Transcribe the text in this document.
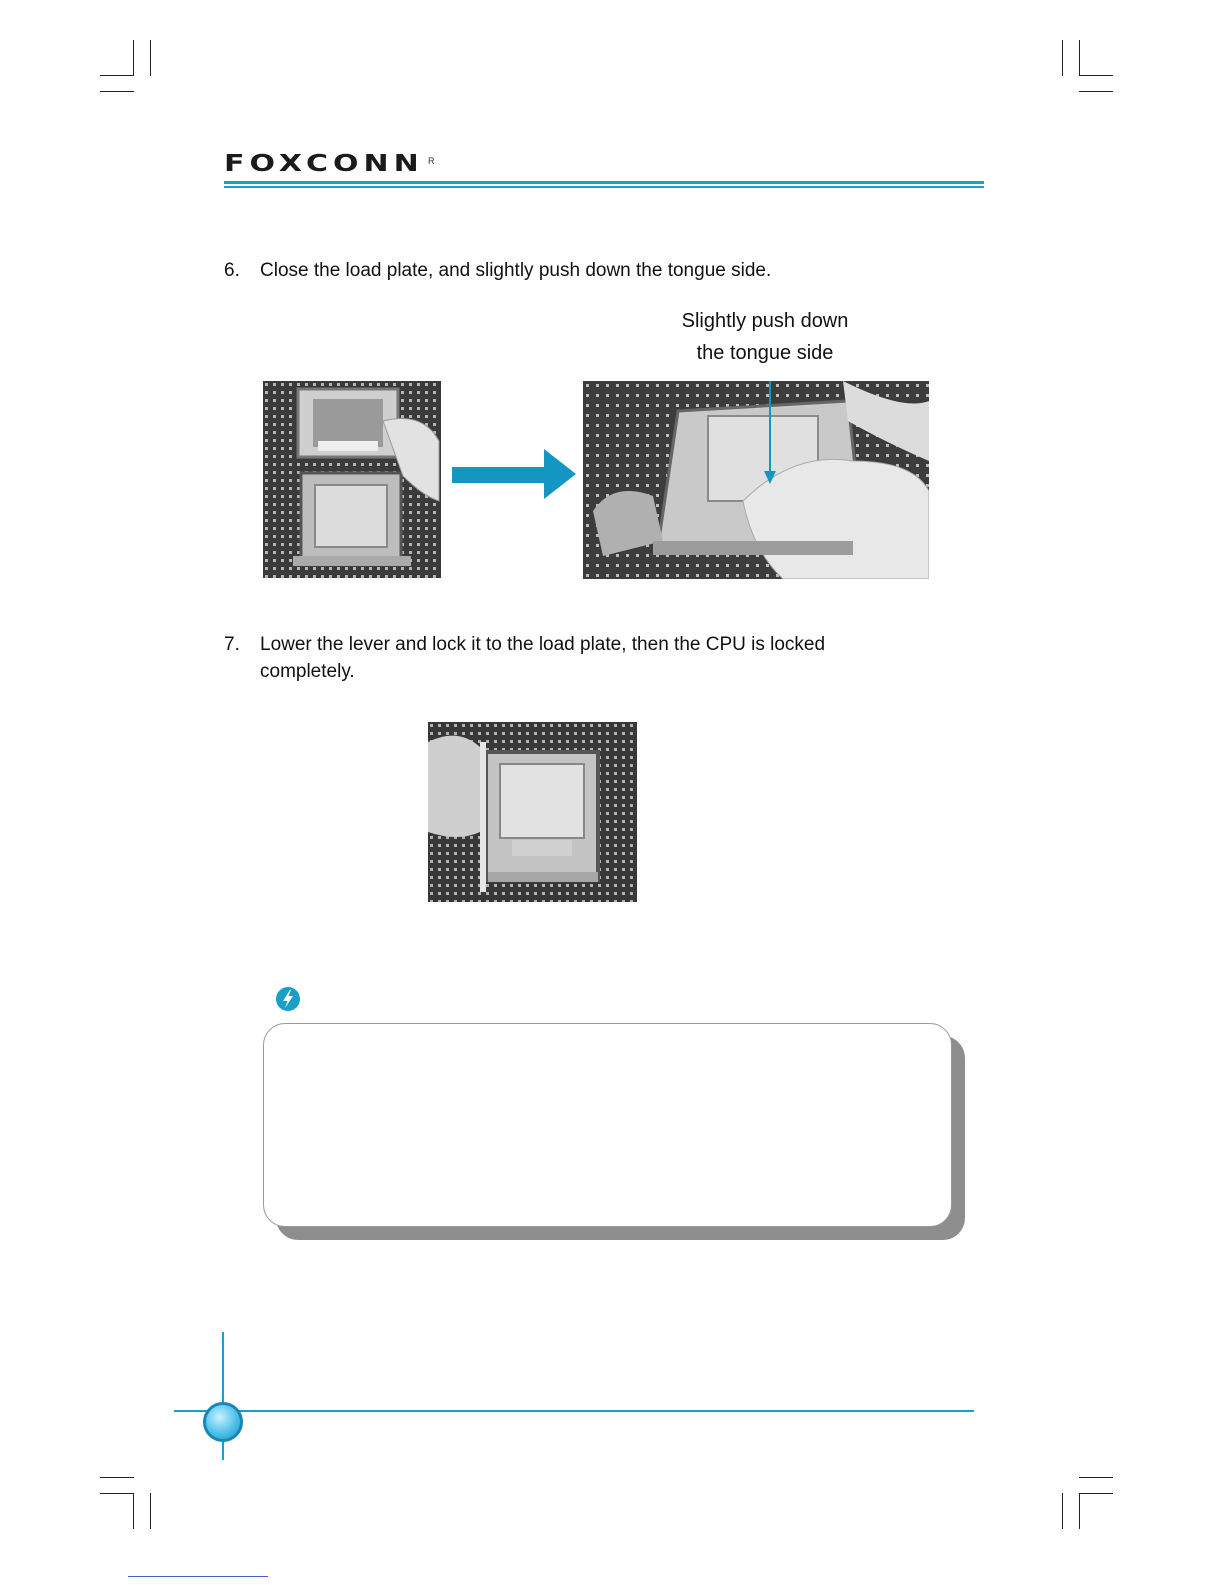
FOXCONN R
6. Close the load plate, and slightly push down the tongue side.
Slightly push down
the tongue side
7. Lower the lever and lock it to the load plate, then the CPU is locked
completely.
